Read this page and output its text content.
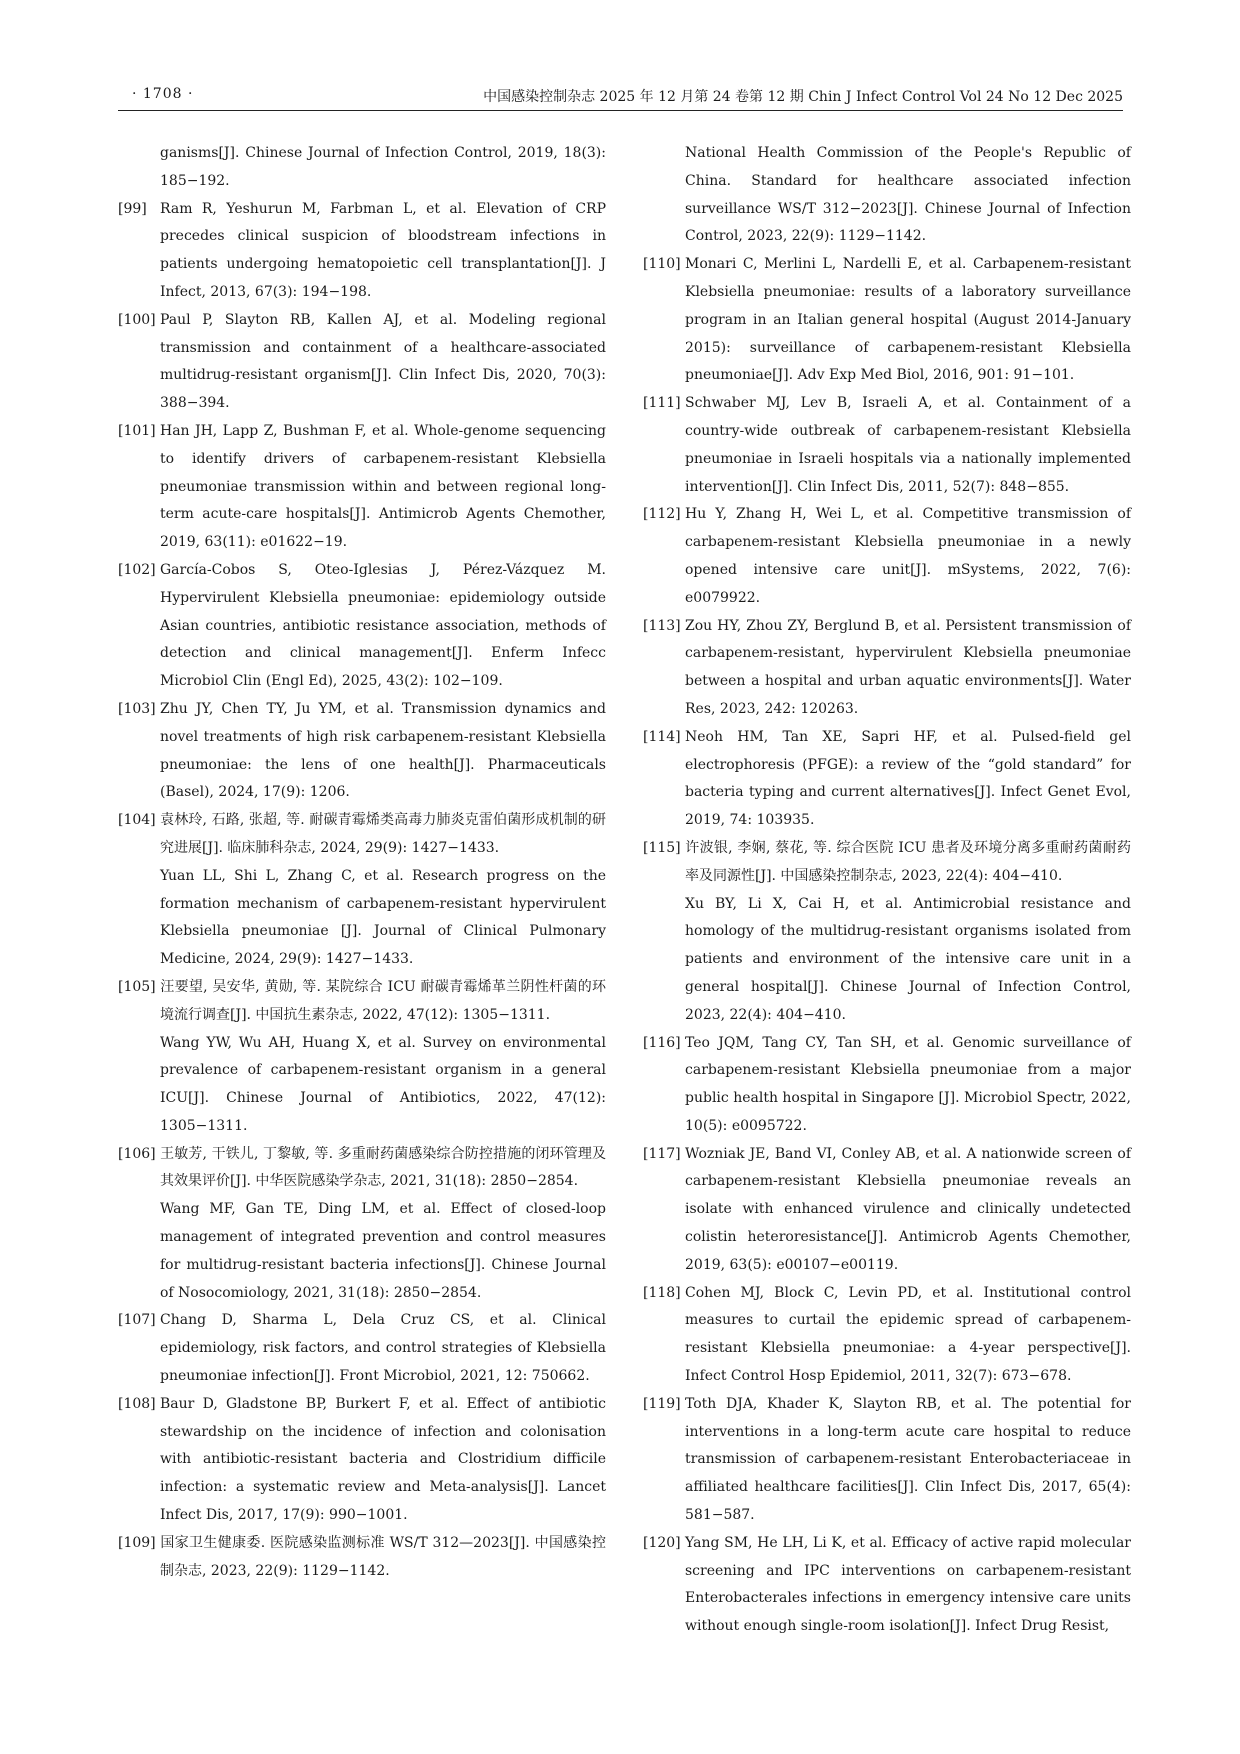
· 1708 ·	中国感染控制杂志 2025 年 12 月第 24 卷第 12 期 Chin J Infect Control Vol 24 No 12 Dec 2025

ganisms[J]. Chinese Journal of Infection Control, 2019, 18(3): 185−192.

[99] Ram R, Yeshurun M, Farbman L, et al. Elevation of CRP precedes clinical suspicion of bloodstream infections in patients undergoing hematopoietic cell transplantation[J]. J Infect, 2013, 67(3): 194−198.

[100] Paul P, Slayton RB, Kallen AJ, et al. Modeling regional transmission and containment of a healthcare-associated multidrug-resistant organism[J]. Clin Infect Dis, 2020, 70(3): 388−394.

[101] Han JH, Lapp Z, Bushman F, et al. Whole-genome sequencing to identify drivers of carbapenem-resistant Klebsiella pneumoniae transmission within and between regional long-term acute-care hospitals[J]. Antimicrob Agents Chemother, 2019, 63(11): e01622−19.

[102] García-Cobos S, Oteo-Iglesias J, Pérez-Vázquez M. Hypervirulent Klebsiella pneumoniae: epidemiology outside Asian countries, antibiotic resistance association, methods of detection and clinical management[J]. Enferm Infecc Microbiol Clin (Engl Ed), 2025, 43(2): 102−109.

[103] Zhu JY, Chen TY, Ju YM, et al. Transmission dynamics and novel treatments of high risk carbapenem-resistant Klebsiella pneumoniae: the lens of one health[J]. Pharmaceuticals (Basel), 2024, 17(9): 1206.

[104] 袁林玲, 石路, 张超, 等. 耐碳青霉烯类高毒力肺炎克雷伯菌形成机制的研究进展[J]. 临床肺科杂志, 2024, 29(9): 1427−1433.

Yuan LL, Shi L, Zhang C, et al. Research progress on the formation mechanism of carbapenem-resistant hypervirulent Klebsiella pneumoniae [J]. Journal of Clinical Pulmonary Medicine, 2024, 29(9): 1427−1433.

[105] 汪要望, 吴安华, 黄勋, 等. 某院综合 ICU 耐碳青霉烯革兰阴性杆菌的环境流行调查[J]. 中国抗生素杂志, 2022, 47(12): 1305−1311.

Wang YW, Wu AH, Huang X, et al. Survey on environmental prevalence of carbapenem-resistant organism in a general ICU[J]. Chinese Journal of Antibiotics, 2022, 47(12): 1305−1311.

[106] 王敏芳, 干铁儿, 丁黎敏, 等. 多重耐药菌感染综合防控措施的闭环管理及其效果评价[J]. 中华医院感染学杂志, 2021, 31(18): 2850−2854.

Wang MF, Gan TE, Ding LM, et al. Effect of closed-loop management of integrated prevention and control measures for multidrug-resistant bacteria infections[J]. Chinese Journal of Nosocomiology, 2021, 31(18): 2850−2854.

[107] Chang D, Sharma L, Dela Cruz CS, et al. Clinical epidemiology, risk factors, and control strategies of Klebsiella pneumoniae infection[J]. Front Microbiol, 2021, 12: 750662.

[108] Baur D, Gladstone BP, Burkert F, et al. Effect of antibiotic stewardship on the incidence of infection and colonisation with antibiotic-resistant bacteria and Clostridium difficile infection: a systematic review and Meta-analysis[J]. Lancet Infect Dis, 2017, 17(9): 990−1001.

[109] 国家卫生健康委. 医院感染监测标准 WS/T 312—2023[J]. 中国感染控制杂志, 2023, 22(9): 1129−1142.

National Health Commission of the People's Republic of China. Standard for healthcare associated infection surveillance WS/T 312−2023[J]. Chinese Journal of Infection Control, 2023, 22(9): 1129−1142.

[110] Monari C, Merlini L, Nardelli E, et al. Carbapenem-resistant Klebsiella pneumoniae: results of a laboratory surveillance program in an Italian general hospital (August 2014-January 2015): surveillance of carbapenem-resistant Klebsiella pneumoniae[J]. Adv Exp Med Biol, 2016, 901: 91−101.

[111] Schwaber MJ, Lev B, Israeli A, et al. Containment of a country-wide outbreak of carbapenem-resistant Klebsiella pneumoniae in Israeli hospitals via a nationally implemented intervention[J]. Clin Infect Dis, 2011, 52(7): 848−855.

[112] Hu Y, Zhang H, Wei L, et al. Competitive transmission of carbapenem-resistant Klebsiella pneumoniae in a newly opened intensive care unit[J]. mSystems, 2022, 7(6): e0079922.

[113] Zou HY, Zhou ZY, Berglund B, et al. Persistent transmission of carbapenem-resistant, hypervirulent Klebsiella pneumoniae between a hospital and urban aquatic environments[J]. Water Res, 2023, 242: 120263.

[114] Neoh HM, Tan XE, Sapri HF, et al. Pulsed-field gel electrophoresis (PFGE): a review of the “gold standard” for bacteria typing and current alternatives[J]. Infect Genet Evol, 2019, 74: 103935.

[115] 许波银, 李娴, 蔡花, 等. 综合医院 ICU 患者及环境分离多重耐药菌耐药率及同源性[J]. 中国感染控制杂志, 2023, 22(4): 404−410.

Xu BY, Li X, Cai H, et al. Antimicrobial resistance and homology of the multidrug-resistant organisms isolated from patients and environment of the intensive care unit in a general hospital[J]. Chinese Journal of Infection Control, 2023, 22(4): 404−410.

[116] Teo JQM, Tang CY, Tan SH, et al. Genomic surveillance of carbapenem-resistant Klebsiella pneumoniae from a major public health hospital in Singapore [J]. Microbiol Spectr, 2022, 10(5): e0095722.

[117] Wozniak JE, Band VI, Conley AB, et al. A nationwide screen of carbapenem-resistant Klebsiella pneumoniae reveals an isolate with enhanced virulence and clinically undetected colistin heteroresistance[J]. Antimicrob Agents Chemother, 2019, 63(5): e00107−e00119.

[118] Cohen MJ, Block C, Levin PD, et al. Institutional control measures to curtail the epidemic spread of carbapenem-resistant Klebsiella pneumoniae: a 4-year perspective[J]. Infect Control Hosp Epidemiol, 2011, 32(7): 673−678.

[119] Toth DJA, Khader K, Slayton RB, et al. The potential for interventions in a long-term acute care hospital to reduce transmission of carbapenem-resistant Enterobacteriaceae in affiliated healthcare facilities[J]. Clin Infect Dis, 2017, 65(4): 581−587.

[120] Yang SM, He LH, Li K, et al. Efficacy of active rapid molecular screening and IPC interventions on carbapenem-resistant Enterobacterales infections in emergency intensive care units without enough single-room isolation[J]. Infect Drug Resist,
